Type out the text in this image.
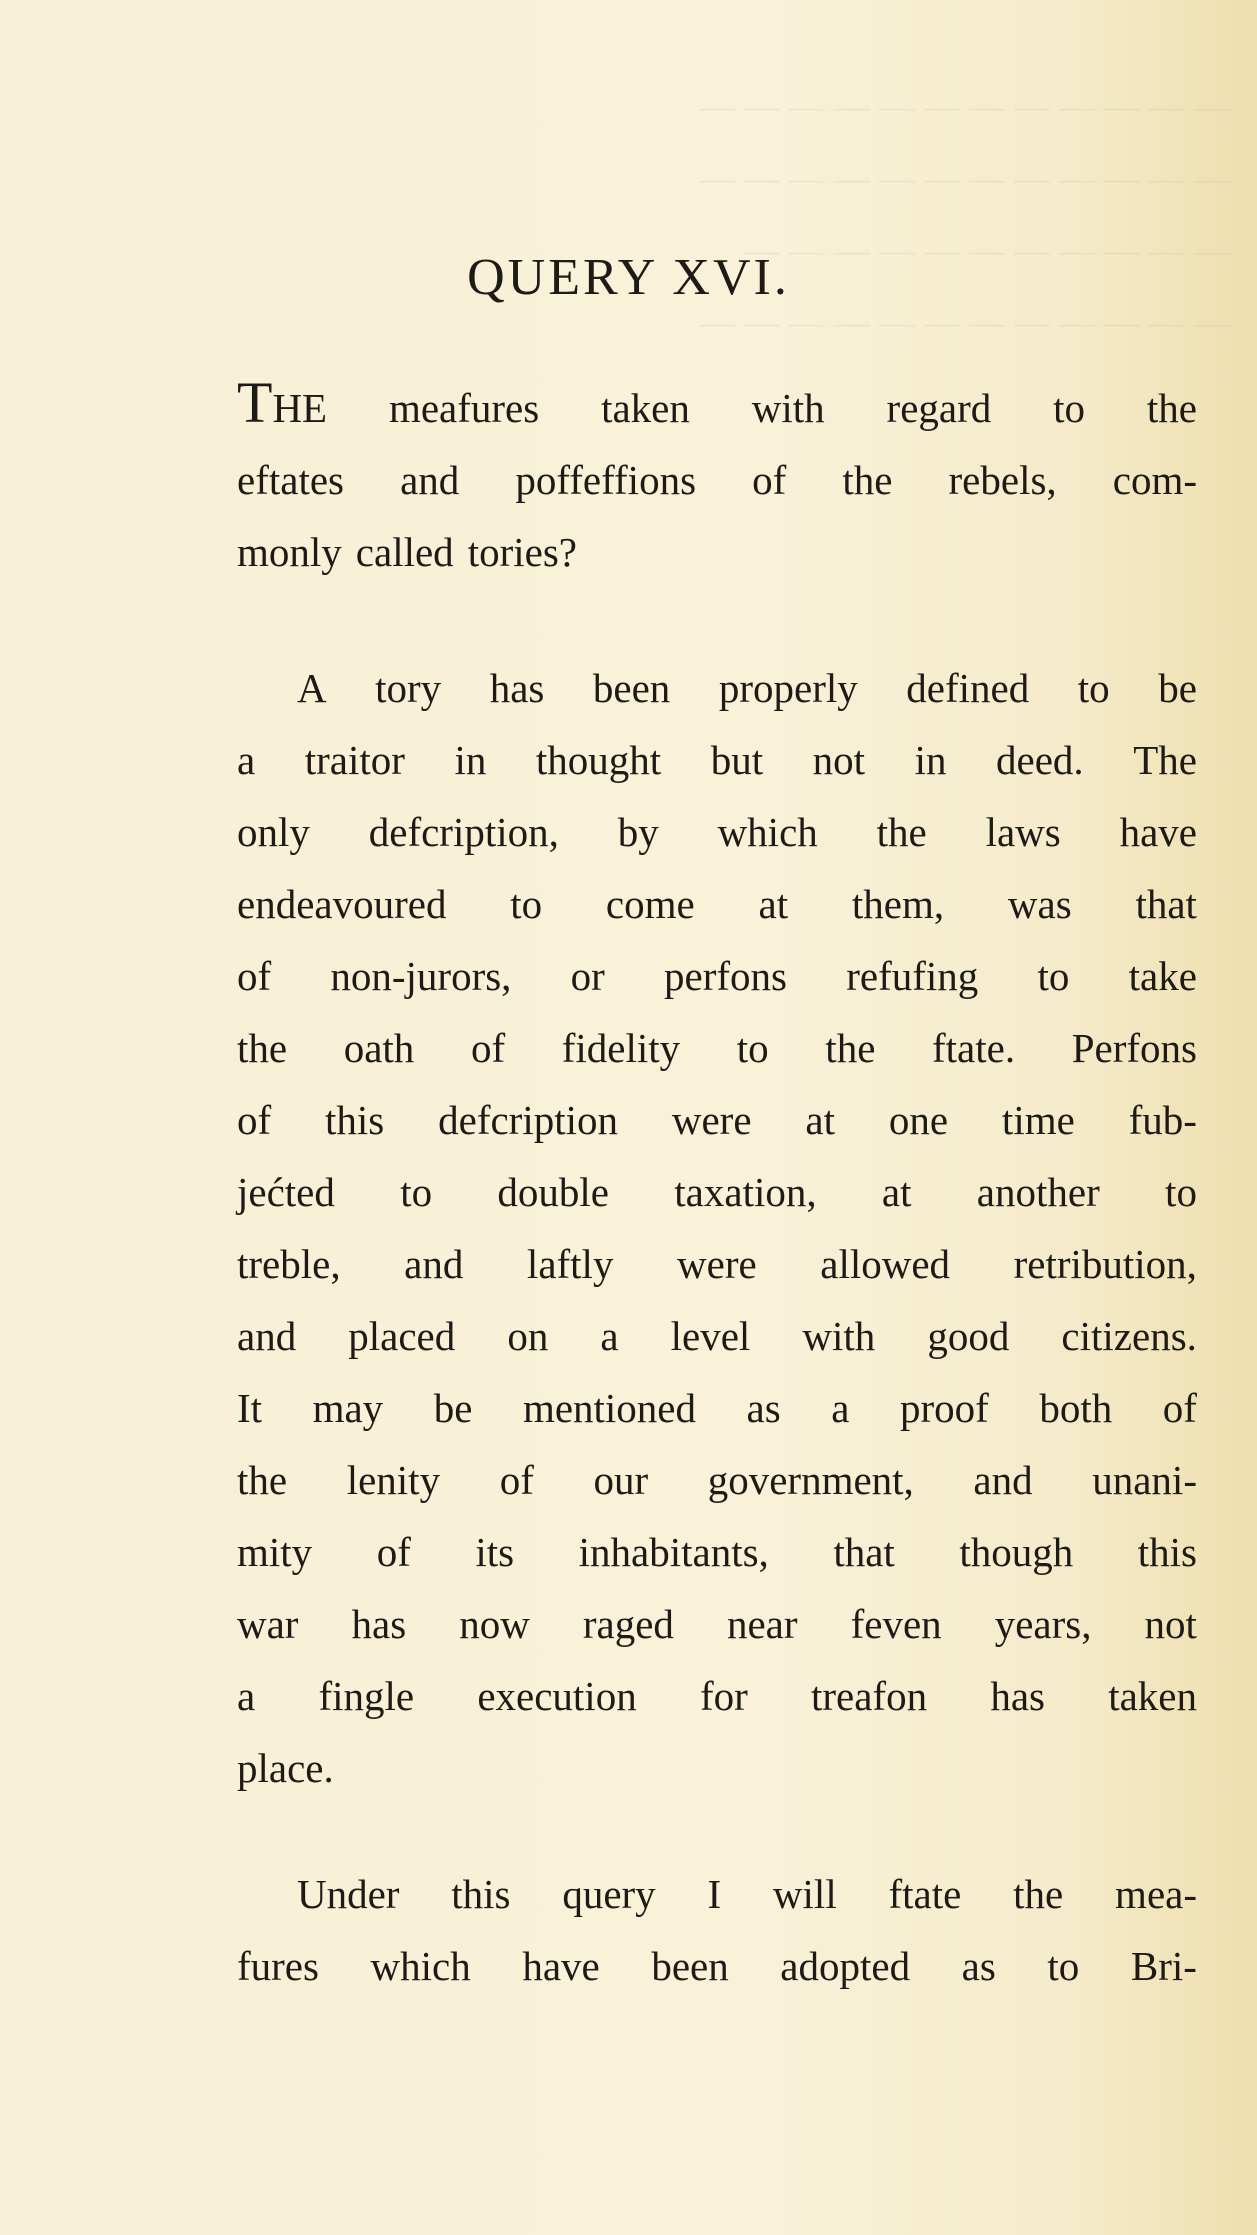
— — — — — — — — — — — —
— — — — — — — — — — — —
— — — — — — — — — — —
— — — — — — — — — — — —
QUERY XVI.
THE meafures taken with regard to the
eftates and poffeffions of the rebels, com-
monly called tories?
A tory has been properly defined to be
a traitor in thought but not in deed. The
only defcription, by which the laws have
endeavoured to come at them, was that
of non-jurors, or perfons refufing to take
the oath of fidelity to the ftate. Perfons
of this defcription were at one time fub-
jećted to double taxation, at another to
treble, and laftly were allowed retribution,
and placed on a level with good citizens.
It may be mentioned as a proof both of
the lenity of our government, and unani-
mity of its inhabitants, that though this
war has now raged near feven years, not
a fingle execution for treafon has taken
place.
Under this query I will ftate the mea-
fures which have been adopted as to Bri-
